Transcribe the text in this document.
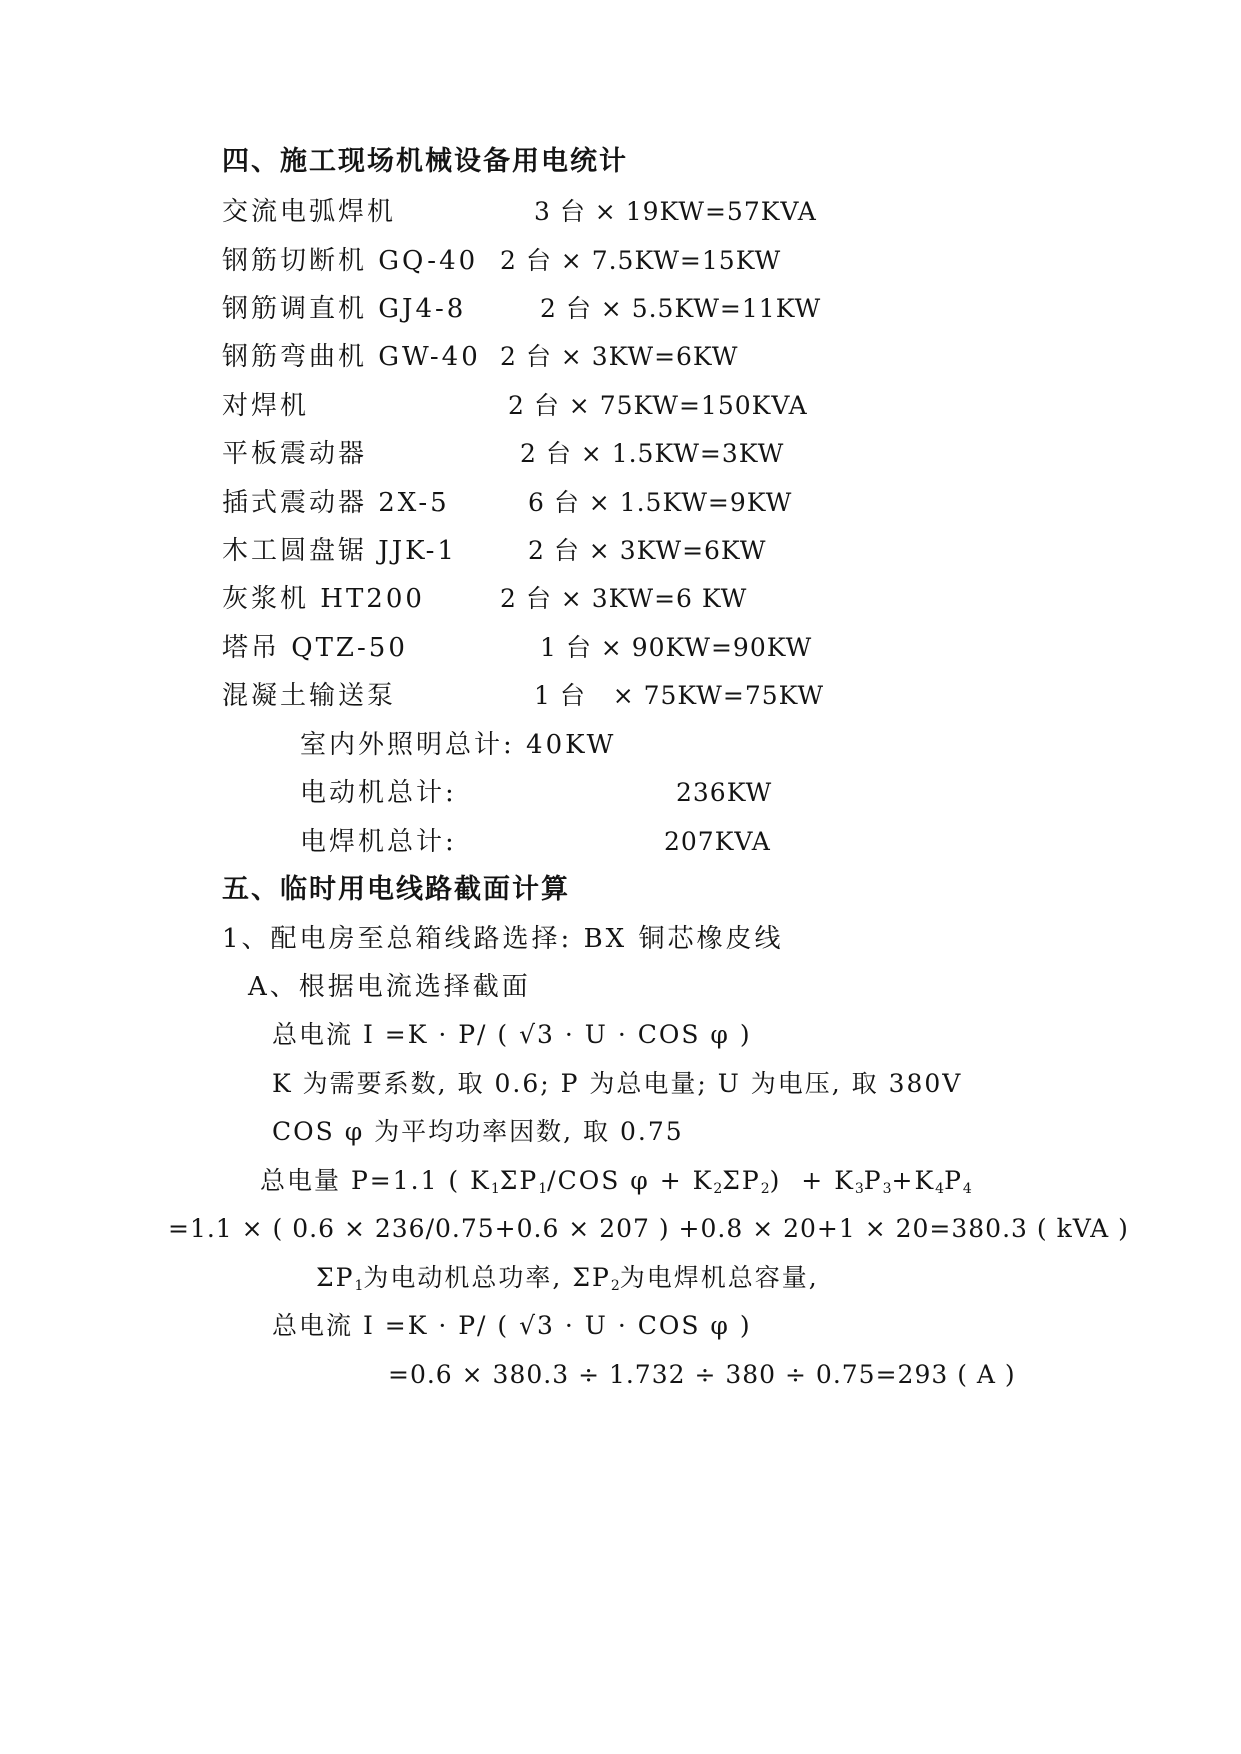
四、施工现场机械设备用电统计
交流电弧焊机	3 台 × 19KW=57KVA
钢筋切断机 GQ-40 2 台 × 7.5KW=15KW
钢筋调直机 GJ4-8	2 台 × 5.5KW=11KW
钢筋弯曲机 GW-40 2 台 × 3KW=6KW
对焊机	2 台 × 75KW=150KVA
平板震动器	2 台 × 1.5KW=3KW
插式震动器 2X-5	6 台 × 1.5KW=9KW
木工圆盘锯 JJK-1	2 台 × 3KW=6KW
灰浆机 HT200	2 台 × 3KW=6 KW
塔吊 QTZ-50	1 台 × 90KW=90KW
混凝土输送泵	1 台   × 75KW=75KW
室内外照明总计: 40KW
电动机总计:	236KW
电焊机总计:	207KVA
五、临时用电线路截面计算
1、配电房至总箱线路选择: BX 铜芯橡皮线
A、根据电流选择截面
总电流 I =K · P/ ( √3 · U · COS φ )
K 为需要系数, 取 0.6; P 为总电量; U 为电压, 取 380V
COS φ 为平均功率因数, 取 0.75
总电量 P=1.1 ( $K_1\Sigma P_1$/COS $\varphi + K_2\Sigma P_2) + K_3P_3+K_4P_4$
=1.1 × ( 0.6 × 236/0.75+0.6 × 207 ) +0.8 × 20+1 × 20=380.3 ( kVA )
$\Sigma P_1$为电动机总功率, $\Sigma P_2$为电焊机总容量,
总电流 I =K · P/ ( √3 · U · COS φ )
=0.6 × 380.3 ÷ 1.732 ÷ 380 ÷ 0.75=293 ( A )
